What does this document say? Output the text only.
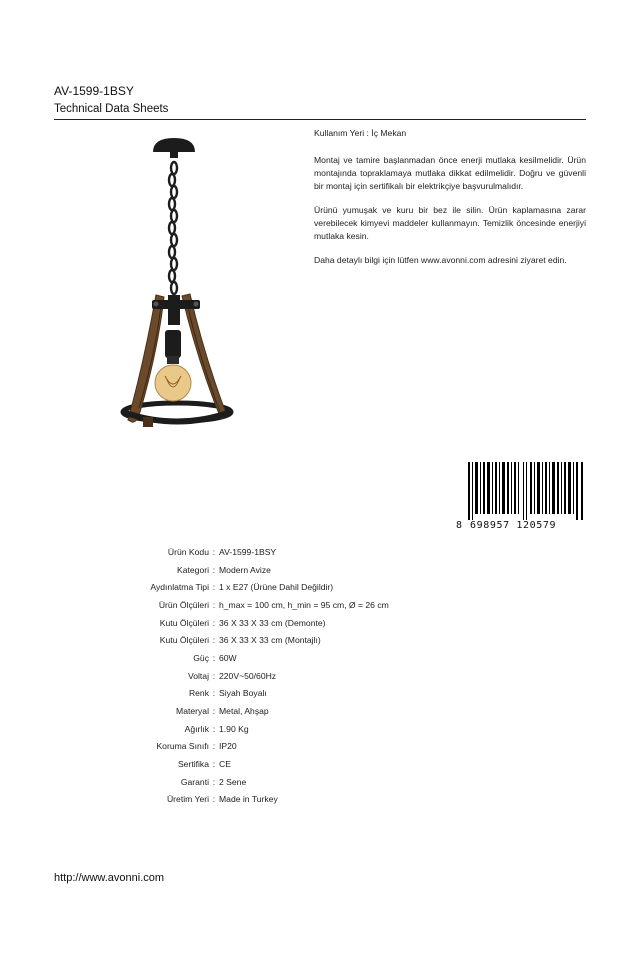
AV-1599-1BSY
Technical Data Sheets

Kullanım Yeri : İç Mekan

Montaj ve tamire başlanmadan önce enerji mutlaka kesilmelidir. Ürün montajında topraklamaya mutlaka dikkat edilmelidir. Doğru ve güvenli bir montaj için sertifikalı bir elektrikçiye başvurulmalıdır.

Ürünü yumuşak ve kuru bir bez ile silin. Ürün kaplamasına zarar verebilecek kimyevi maddeler kullanmayın. Temizlik öncesinde enerjiyi mutlaka kesin.

Daha detaylı bilgi için lütfen www.avonni.com adresini ziyaret edin.

8 698957 120579
Ürün Kodu : AV-1599-1BSY
Kategori : Modern Avize
Aydınlatma Tipi : 1 x E27 (Ürüne Dahil Değildir)
Ürün Ölçüleri : h_max = 100 cm, h_min = 95 cm, Ø = 26 cm
Kutu Ölçüleri : 36 X 33 X 33 cm (Demonte)
Kutu Ölçüleri : 36 X 33 X 33 cm (Montajlı)
Güç : 60W
Voltaj : 220V~50/60Hz
Renk : Siyah Boyalı
Materyal : Metal, Ahşap
Ağırlık : 1.90 Kg
Koruma Sınıfı : IP20
Sertifika : CE
Garanti : 2 Sene
Üretim Yeri : Made in Turkey
http://www.avonni.com
